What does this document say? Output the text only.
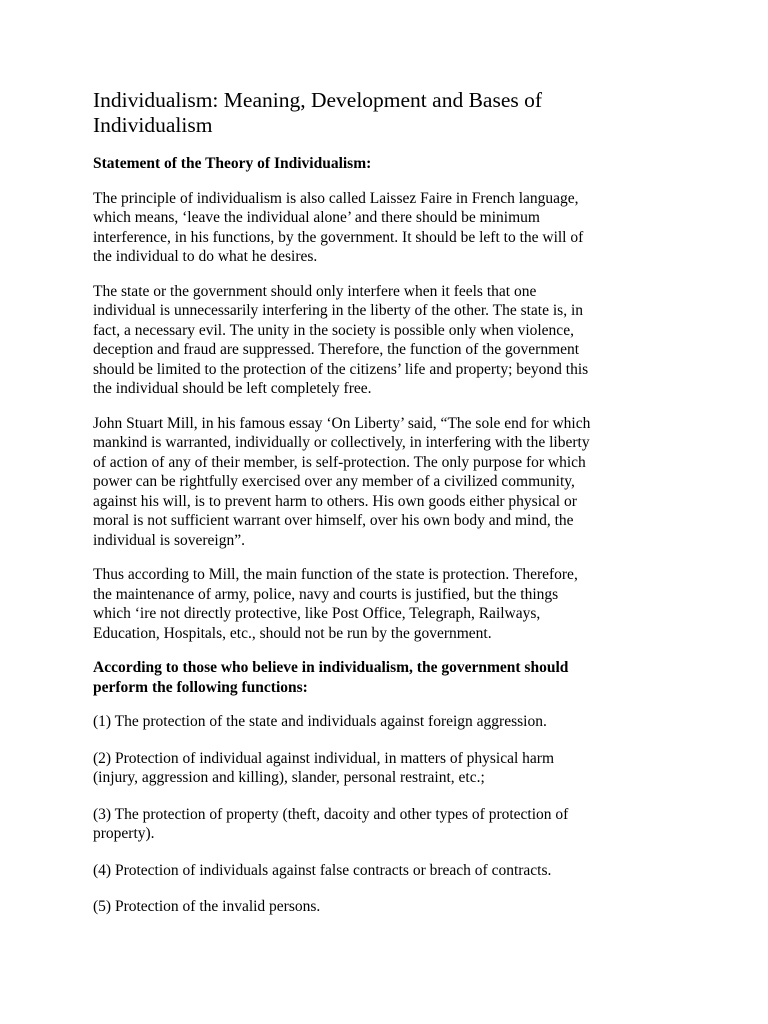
Individualism: Meaning, Development and Bases of
Individualism
Statement of the Theory of Individualism:
The principle of individualism is also called Laissez Faire in French language,
which means, ‘leave the individual alone’ and there should be minimum
interference, in his functions, by the government. It should be left to the will of
the individual to do what he desires.
The state or the government should only interfere when it feels that one
individual is unnecessarily interfering in the liberty of the other. The state is, in
fact, a necessary evil. The unity in the society is possible only when violence,
deception and fraud are suppressed. Therefore, the function of the government
should be limited to the protection of the citizens’ life and property; beyond this
the individual should be left completely free.
John Stuart Mill, in his famous essay ‘On Liberty’ said, “The sole end for which
mankind is warranted, individually or collectively, in interfering with the liberty
of action of any of their member, is self-protection. The only purpose for which
power can be rightfully exercised over any member of a civilized community,
against his will, is to prevent harm to others. His own goods either physical or
moral is not sufficient warrant over himself, over his own body and mind, the
individual is sovereign”.
Thus according to Mill, the main function of the state is protection. Therefore,
the maintenance of army, police, navy and courts is justified, but the things
which ‘ire not directly protective, like Post Office, Telegraph, Railways,
Education, Hospitals, etc., should not be run by the government.
According to those who believe in individualism, the government should
perform the following functions:
(1) The protection of the state and individuals against foreign aggression.
(2) Protection of individual against individual, in matters of physical harm
(injury, aggression and killing), slander, personal restraint, etc.;
(3) The protection of property (theft, dacoity and other types of protection of
property).
(4) Protection of individuals against false contracts or breach of contracts.
(5) Protection of the invalid persons.
